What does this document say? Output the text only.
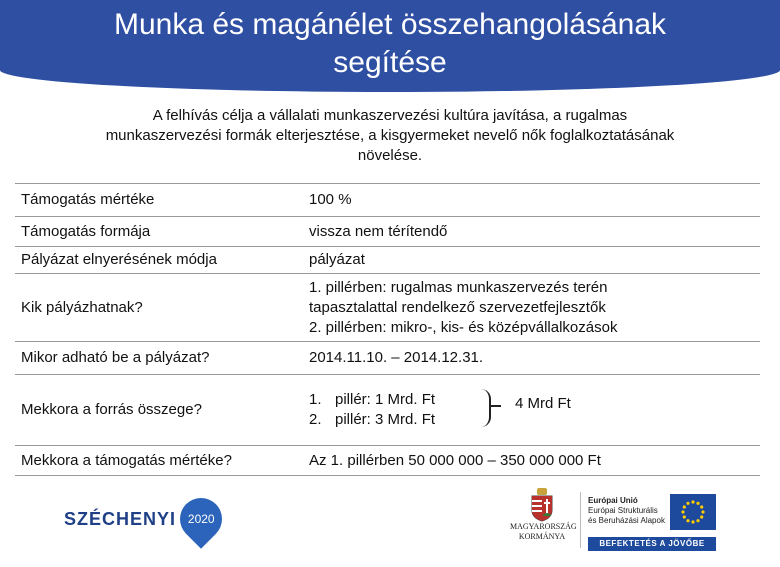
Munka és magánélet összehangolásának
segítése
A felhívás célja a vállalati munkaszervezési kultúra javítása, a rugalmas
munkaszervezési formák elterjesztése, a kisgyermeket nevelő nők foglalkoztatásának
növelése.
Támogatás mértéke	100 %
Támogatás formája	vissza nem térítendő
Pályázat elnyerésének módja	pályázat
Kik pályázhatnak?	1. pillérben: rugalmas munkaszervezés terén
tapasztalattal rendelkező szervezetfejlesztők
2. pillérben: mikro-, kis- és középvállalkozások

Mikor adható be a pályázat?	2014.11.10. – 2014.12.31.
Mekkora a forrás összege?	1. pillér: 1 Mrd. Ft
2. pillér: 3 Mrd. Ft
4 Mrd Ft

Mekkora a támogatás mértéke?	Az 1. pillérben 50 000 000 – 350 000 000 Ft
SZÉCHENYI 2020
MAGYARORSZÁG
KORMÁNYA
Európai Unió
Európai Strukturális
és Beruházási Alapok
BEFEKTETÉS A JÖVŐBE
